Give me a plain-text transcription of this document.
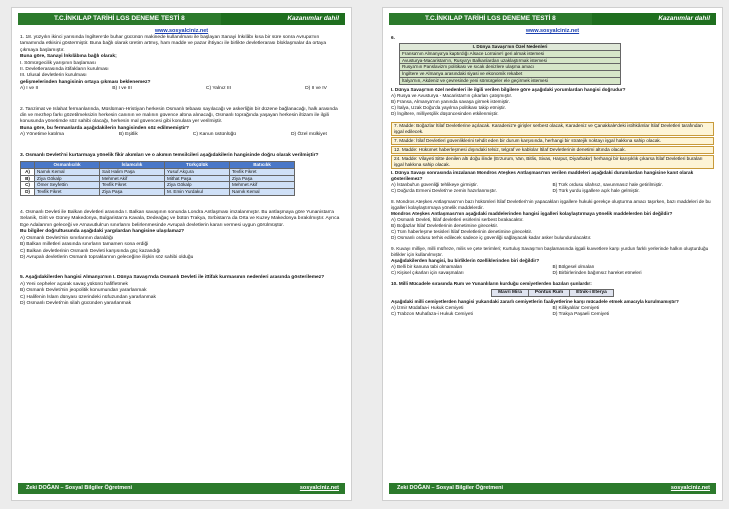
T.C.İNKILAP TARİHİ LGS DENEME TESTİ 8	Kazanımlar dahil
www.sosyalciniz.net

1. 18. yüzyılın ikinci yarısında İngiltere'de buhar gücünün makinede kullanılması ile başlayan Sanayi İnkılâbı kısa bir süre sonra Avrupa'nın tamamında etkisini göstermiştir. Buna bağlı olarak üretim artmış, ham madde ve pazar ihtiyacı ile birlikte devletlerarası bloklaşmalar da ortaya çıkmaya başlamıştır.

Buna göre, Sanayi İnkılâbına bağlı olarak;

I. Sömürgecilik yarışının başlaması

II. Devletlerarasında ittifakların kurulması

III. Ulusal devletlerin kurulması

gelişmelerinden hangisinin ortaya çıkması beklenemez?

A) I ve II	B) I ve III	C) Yalnız III	D) II ve IV

2. Tanzimat ve Islahat fermanlarında, Müslüman-Hristiyan herkesin Osmanlı tebaası sayılacağı ve askerliğin bir düzene bağlanacağı, halk arasında din ve mezhep farkı gözetilmeksizin herkesin canının ve malının güvence altına alınacağı, Osmanlı toprağında yaşayan herkesin iltizam ile ilgili konusunda yönetimde söz sahibi olacağı, herkesin mal güvencesi gibi konulara yer verilmiştir.

Buna göre, bu fermanlarda aşağıdakilerin hangisinden söz edilmemiştir?

A) Yönetime katılma	B) Eşitlik	C) Kanun üstünlüğü	D) Özel mülkiyet

3. Osmanlı Devleti'ni kurtarmaya yönelik fikir akımları ve o akımın temsilcileri aşağıdakilerin hangisinde doğru olarak verilmiştir?

	Osmanlıcılık	İslamcılık	Türkçülük	Batıcılık
A)	Namık Kemal	Sait Halim Paşa	Yusuf Akçura	Tevfik Fikret
B)	Ziya Gökalp	Mehmet Akif	Mithat Paşa	Ziya Paşa
C)	Ömer Seyfettin	Tevfik Fikret	Ziya Gökalp	Mehmet Akif
D)	Tevfik Fikret	Ziya Paşa	M. Emin Yurdakul	Namık Kemal

4. Osmanlı Devleti ile Balkan devletleri arasında I. Balkan savaşının sonunda Londra Antlaşması imzalanmıştır. Bu antlaşmaya göre Yunanistan'a Selanik, Girit ve Güney Makedonya, Bulgaristan'a Kavala, Dedeağaç ve bütün Trakya, Sırbistan'a da Orta ve Kuzey Makedonya bırakılmıştır. Ayrıca Ege Adalarının geleceği ve Arnavutluk'un sınırlarını belirlenmesinde Avrupalı devletlerin kararı vermesi uygun görülmüştür.

Bu bilgiler doğrultusunda aşağıdaki yargılardan hangisine ulaşılamaz?

A) Osmanlı Devleti'nin sınırlarının daraldığı

B) Balkan milletleri arasında sınırların tamamen sona erdiği

C) Balkan devletlerinin Osmanlı Devleti karşısında güç kazandığı

D) Avrupalı devletlerin Osmanlı topraklarının geleceğine ilişkin söz sahibi olduğu

5. Aşağıdakilerden hangisi Almanya'nın I. Dünya Savaşı'nda Osmanlı Devleti ile ittifak kurmasının nedenleri arasında gösterilemez?

A) Yeni cepheler açarak savaş yükünü hafifletmek

B) Osmanlı Devleti'nin jeopolitik konumundan yararlanmak

C) Halifenin İslam dünyası üzerindeki nüfuzundan yararlanmak

D) Osmanlı Devleti'nin silah gücünden yararlanmak

Zeki DOĞAN – Sosyal Bilgiler Öğretmeni	sosyalciniz.net
T.C.İNKILAP TARİHİ LGS DENEME TESTİ 8	Kazanımlar dahil
www.sosyalciniz.net

6.

I. Dünya Savaşı'nın Özel Nedenleri
Fransa'nın Almanya'ya kaptırdığı Alsace Lorraine'i geri almak istemesi
Avusturya-Macaristan'ın, Rusya'yı Balkanlardan uzaklaştırmak istemesi
Rusya'nın Panslavizm politikası ve sıcak denizlere ulaşma amacı
İngiltere ve Almanya arasındaki siyasi ve ekonomik rekabet
İtalya'nın, Akdeniz ve çevresinde yeni sömürgeler ele geçirmek istemesi

I. Dünya Savaşı'nın özel nedenleri ile ilgili verilen bilgilere göre aşağıdaki yorumlardan hangisi doğrudur?

A) Rusya ve Avusturya - Macaristan'ın çıkarları çatışmıştır.

B) Fransa, Almanya'nın yanında savaşa girmek istemiştir.

C) İtalya, Uzak Doğu'da yayılma politikası takip etmiştir.

D) İngiltere, milliyetçilik düşüncesinden etkilenmiştir.

7. Madde: Boğazlar İtilaf Devletlerine açılacak. Karadeniz'e girişler serbest olacak, Karadeniz ve Çanakkale'deki istihkâmlar İtilaf Devletleri tarafından işgal edilecek.
7. Madde: İtilaf Devletleri güvenliklerini tehdit eden bir durum karşısında, herhangi bir stratejik noktayı işgal hakkına sahip olacak.
12. Madde: Hükümet haberleşmesi dışındaki telsiz, telgraf ve kablolar İtilaf Devletlerinin denetimi altında olacak.
24. Madde: Vilayeti Sitte denilen altı doğu ilinde (Erzurum, Van, Bitlis, Sivas, Harput, Diyarbakır) herhangi bir karışıklık çıkarsa İtilaf Devletleri buraları işgal hakkına sahip olacak.

I. Dünya Savaşı sonrasında imzalanan Mondros Ateşkes Antlaşması'nın verilen maddeleri aşağıdaki durumlardan hangisine kanıt olarak gösterilemez?

A) İstanbul'un güvenliği tehlikeye girmiştir.	B) Türk ordusu silahsız, savunmasız hale getirilmiştir.
C) Doğu'da Ermeni Devleti'ne zemin hazırlanmıştır.	D) Türk yurdu işgallere açık hale gelmiştir.

8. Mondros Ateşkes Antlaşması'nın bazı hükümleri İtilaf Devletleri'nin yapacakları işgallere hukuki gerekçe oluşturma amacı taşırken, bazı maddeleri de bu işgalleri kolaylaştırmaya yönelik maddelerdir.

Mondros Ateşkes Antlaşması'nın aşağıdaki maddelerinden hangisi işgalleri kolaylaştırmaya yönelik maddelerden biri değildir?

A) Osmanlı Devleti, İtilaf devletleri esirlerini serbest bırakacaktır.

B) Boğazlar İtilaf Devletlerinin denetimine girecektir.

C) Tüm haberleşme tesisleri İtilaf Devletlerinin denetimine girecektir.

D) Osmanlı ordusu terhis edilecek sadece iç güvenliği sağlayacak kadar asker bulundurulacaktır.

9. Kuvayı milliye, milli müfreze, milis ve çete terimleri; Kurtuluş Savaşı'nın başlamasında işgali kuvvetlere karşı yurdun farklı yerlerinde halkın oluşturduğu birlikler için kullanılmıştır.

Aşağıdakilerden hangisi, bu birliklerin özelliklerinden biri değildir?

A) Belli bir kanuna tabi olmamaları	B) Bölgesel olmaları
C) Kişisel çıkarları için savaşmaları	D) Birbirlerinden bağımsız hareket etmeleri

10. Milli Mücadele sırasında Rum ve Yunanlıların kurduğu cemiyetlerden bazıları şunlardır:

Mavri Mira	Pontus Rum	Etnik-i Eterya

Aşağıdaki milli cemiyetlerden hangisi yukarıdaki zararlı cemiyetlerin faaliyetlerine karşı mücadele etmek amacıyla kurulmamıştır?

A) İzmir Müdafaa-i Hukuk Cemiyeti	B) Kilikyalılar Cemiyeti
C) Trabzon Muhafaza-i Hukuk Cemiyeti	D) Trakya Paşaeli Cemiyeti
Zeki DOĞAN – Sosyal Bilgiler Öğretmeni	sosyalciniz.net
